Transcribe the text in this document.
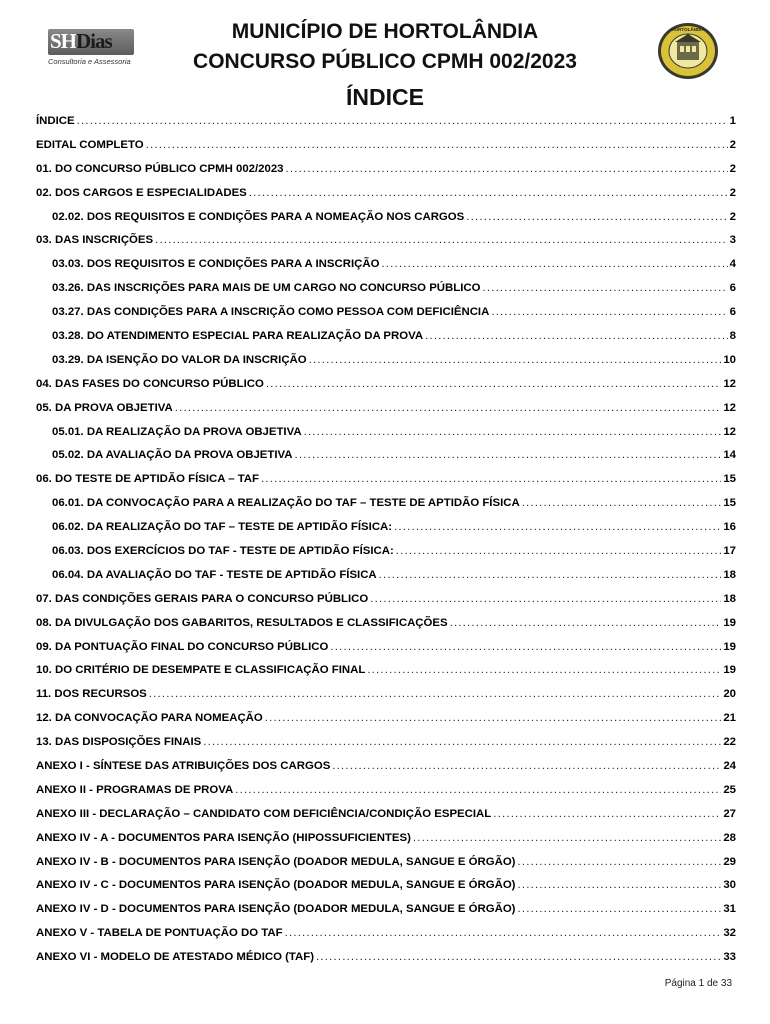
SHDias
Consultoria e Assessoria
MUNICÍPIO DE HORTOLÂNDIA
CONCURSO PÚBLICO CPMH 002/2023
ÍNDICE
HORTOLÂNDIA
ÍNDICE .....	1
EDITAL COMPLETO .....	2
01. DO CONCURSO PÚBLICO CPMH 002/2023 .....	2
02. DOS CARGOS E ESPECIALIDADES .....	2
02.02. DOS REQUISITOS E CONDIÇÕES PARA A NOMEAÇÃO NOS CARGOS .....	2
03. DAS INSCRIÇÕES .....	3
03.03. DOS REQUISITOS E CONDIÇÕES PARA A INSCRIÇÃO .....	4
03.26. DAS INSCRIÇÕES PARA MAIS DE UM CARGO NO CONCURSO PÚBLICO .....	6
03.27. DAS CONDIÇÕES PARA A INSCRIÇÃO COMO PESSOA COM DEFICIÊNCIA .....	6
03.28. DO ATENDIMENTO ESPECIAL PARA REALIZAÇÃO DA PROVA .....	8
03.29. DA ISENÇÃO DO VALOR DA INSCRIÇÃO .....	10
04. DAS FASES DO CONCURSO PÚBLICO .....	12
05. DA PROVA OBJETIVA .....	12
05.01. DA REALIZAÇÃO DA PROVA OBJETIVA .....	12
05.02. DA AVALIAÇÃO DA PROVA OBJETIVA .....	14
06. DO TESTE DE APTIDÃO FÍSICA – TAF .....	15
06.01. DA CONVOCAÇÃO PARA A REALIZAÇÃO DO TAF – TESTE DE APTIDÃO FÍSICA .....	15
06.02. DA REALIZAÇÃO DO TAF – TESTE DE APTIDÃO FÍSICA: .....	16
06.03. DOS EXERCÍCIOS DO TAF - TESTE DE APTIDÃO FÍSICA: .....	17
06.04. DA AVALIAÇÃO DO TAF - TESTE DE APTIDÃO FÍSICA .....	18
07. DAS CONDIÇÕES GERAIS PARA O CONCURSO PÚBLICO .....	18
08. DA DIVULGAÇÃO DOS GABARITOS, RESULTADOS E CLASSIFICAÇÕES .....	19
09. DA PONTUAÇÃO FINAL DO CONCURSO PÚBLICO .....	19
10. DO CRITÉRIO DE DESEMPATE E CLASSIFICAÇÃO FINAL .....	19
11. DOS RECURSOS .....	20
12. DA CONVOCAÇÃO PARA NOMEAÇÃO .....	21
13. DAS DISPOSIÇÕES FINAIS .....	22
ANEXO I - SÍNTESE DAS ATRIBUIÇÕES DOS CARGOS .....	24
ANEXO II - PROGRAMAS DE PROVA .....	25
ANEXO III - DECLARAÇÃO – CANDIDATO COM DEFICIÊNCIA/CONDIÇÃO ESPECIAL .....	27
ANEXO IV - A - DOCUMENTOS PARA ISENÇÃO (HIPOSSUFICIENTES) .....	28
ANEXO IV - B - DOCUMENTOS PARA ISENÇÃO (DOADOR MEDULA, SANGUE E ÓRGÃO) .....	29
ANEXO IV - C - DOCUMENTOS PARA ISENÇÃO (DOADOR MEDULA, SANGUE E ÓRGÃO) .....	30
ANEXO IV - D - DOCUMENTOS PARA ISENÇÃO (DOADOR MEDULA, SANGUE E ÓRGÃO) .....	31
ANEXO V - TABELA DE PONTUAÇÃO DO TAF .....	32
ANEXO VI - MODELO DE ATESTADO MÉDICO (TAF) .....	33
Página 1 de 33
